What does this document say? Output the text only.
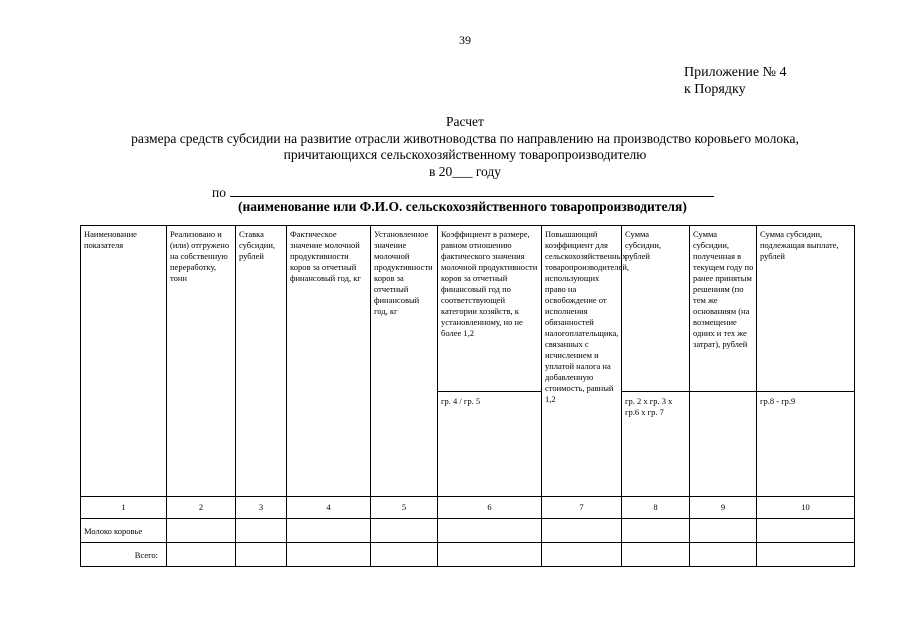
39
Приложение № 4
к Порядку
Расчет
размера средств субсидии на развитие отрасли животноводства по направлению на производство коровьего молока,
причитающихся сельскохозяйственному товаропроизводителю
в 20___ году
по
(наименование или Ф.И.О. сельскохозяйственного товаропроизводителя)
Наименование показателя	Реализовано и (или) отгружено на собственную переработку, тонн	Ставка субсидии, рублей	Фактическое значение молочной продуктивности коров за отчетный финансовый год, кг	Установленное значение молочной продуктивности коров за отчетный финансовый год, кг	Коэффициент в размере, равном отношению фактического значения молочной продуктивности коров за отчетный финансовый год по соответствующей категории хозяйств, к установленному, но не более 1,2	Повышающий коэффициент для сельскохозяйственных товаропроизводителей, использующих право на освобождение от исполнения обязанностей налогоплательщика, связанных с исчислением и уплатой налога на добавленную стоимость, равный 1,2	Сумма субсидии, рублей	Сумма субсидии, полученная в текущем году по ранее принятым решениям (по тем же основаниям (на возмещение одних и тех же затрат), рублей	Сумма субсидии, подлежащая выплате, рублей
					гр. 4 / гр. 5		гр. 2 х гр. 3 х гр.6 х гр. 7		гр.8 - гр.9
1	2	3	4	5	6	7	8	9	10
Молоко коровье									
Всего:									
